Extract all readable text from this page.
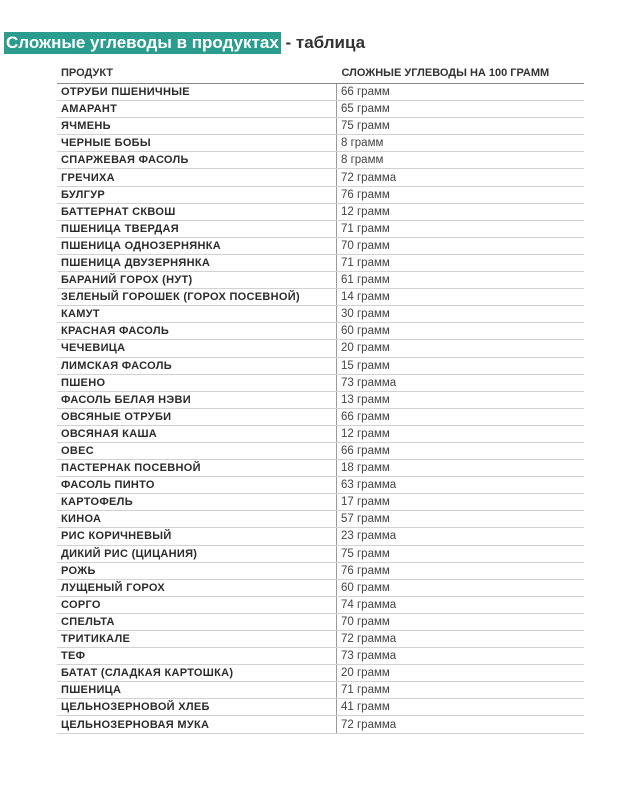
Сложные углеводы в продуктах - таблица
ПРОДУКТ	СЛОЖНЫЕ УГЛЕВОДЫ НА 100 ГРАММ
ОТРУБИ ПШЕНИЧНЫЕ	66 грамм
АМАРАНТ	65 грамм
ЯЧМЕНЬ	75 грамм
ЧЕРНЫЕ БОБЫ	8 грамм
СПАРЖЕВАЯ ФАСОЛЬ	8 грамм
ГРЕЧИХА	72 грамма
БУЛГУР	76 грамм
БАТТЕРНАТ СКВОШ	12 грамм
ПШЕНИЦА ТВЕРДАЯ	71 грамм
ПШЕНИЦА ОДНОЗЕРНЯНКА	70 грамм
ПШЕНИЦА ДВУЗЕРНЯНКА	71 грамм
БАРАНИЙ ГОРОХ (НУТ)	61 грамм
ЗЕЛЕНЫЙ ГОРОШЕК (ГОРОХ ПОСЕВНОЙ)	14 грамм
КАМУТ	30 грамм
КРАСНАЯ ФАСОЛЬ	60 грамм
ЧЕЧЕВИЦА	20 грамм
ЛИМСКАЯ ФАСОЛЬ	15 грамм
ПШЕНО	73 грамма
ФАСОЛЬ БЕЛАЯ НЭВИ	13 грамм
ОВСЯНЫЕ ОТРУБИ	66 грамм
ОВСЯНАЯ КАША	12 грамм
ОВЕС	66 грамм
ПАСТЕРНАК ПОСЕВНОЙ	18 грамм
ФАСОЛЬ ПИНТО	63 грамма
КАРТОФЕЛЬ	17 грамм
КИНОА	57 грамм
РИС КОРИЧНЕВЫЙ	23 грамма
ДИКИЙ РИС (ЦИЦАНИЯ)	75 грамм
РОЖЬ	76 грамм
ЛУЩЕНЫЙ ГОРОХ	60 грамм
СОРГО	74 грамма
СПЕЛЬТА	70 грамм
ТРИТИКАЛЕ	72 грамма
ТЕФ	73 грамма
БАТАТ (СЛАДКАЯ КАРТОШКА)	20 грамм
ПШЕНИЦА	71 грамм
ЦЕЛЬНОЗЕРНОВОЙ ХЛЕБ	41 грамм
ЦЕЛЬНОЗЕРНОВАЯ МУКА	72 грамма
